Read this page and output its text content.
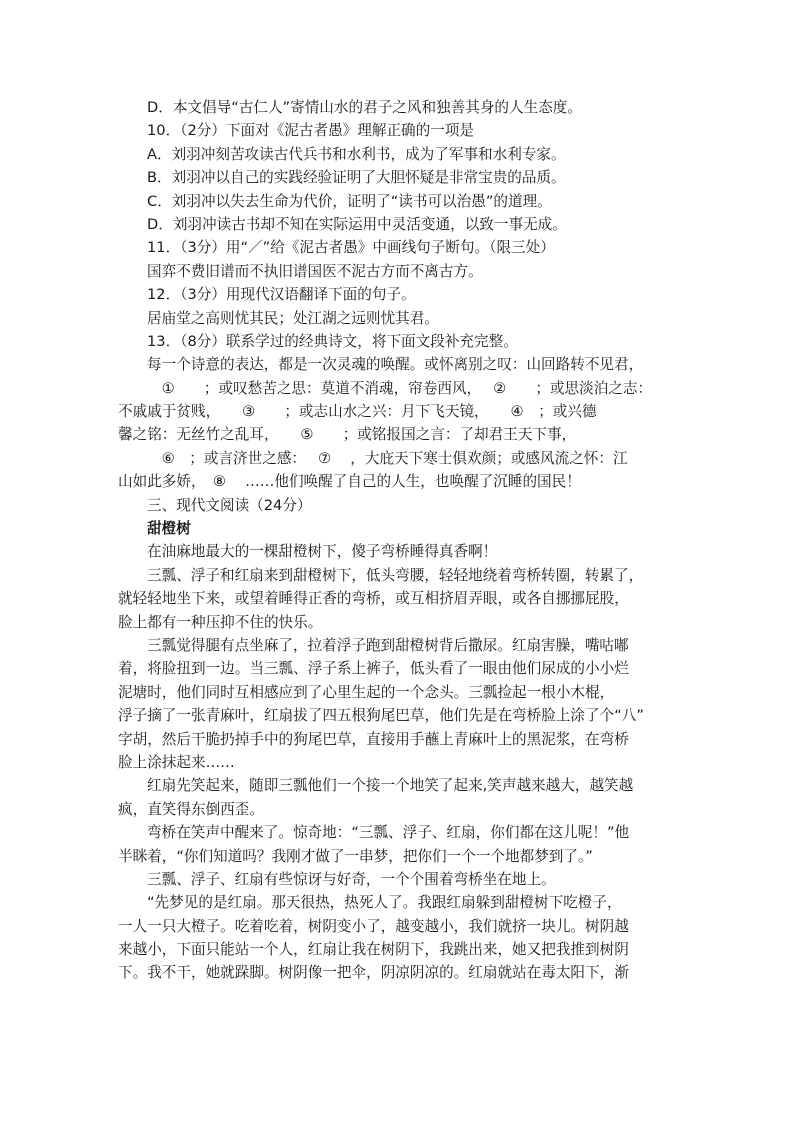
D．本文倡导“古仁人”寄情山水的君子之风和独善其身的人生态度。
10．（2分）下面对《泥古者愚》理解正确的一项是
A．刘羽冲刻苦攻读古代兵书和水利书，成为了军事和水利专家。
B．刘羽冲以自己的实践经验证明了大胆怀疑是非常宝贵的品质。
C．刘羽冲以失去生命为代价，证明了“读书可以治愚”的道理。
D．刘羽冲读古书却不知在实际运用中灵活变通，以致一事无成。
11．（3分）用“／”给《泥古者愚》中画线句子断句。（限三处）
国弈不费旧谱而不执旧谱国医不泥古方而不离古方。
12．（3分）用现代汉语翻译下面的句子。
居庙堂之高则忧其民；处江湖之远则忧其君。
13．（8分）联系学过的经典诗文，将下面文段补充完整。
每一个诗意的表达，都是一次灵魂的唤醒。或怀离别之叹：山回路转不见君，
　①　　；或叹愁苦之思：莫道不消魂，帘卷西风，　 ②　　；或思淡泊之志：
不戚戚于贫贱，　　③　　；或志山水之兴：月下飞天镜，　　④　；或兴德
馨之铭：无丝竹之乱耳，　　⑤　　；或铭报国之言：了却君王天下事，
　⑥　；或言济世之感：　 ⑦　 ，大庇天下寒士俱欢颜；或感风流之怀：江
山如此多娇，　⑧　 ……他们唤醒了自己的人生，也唤醒了沉睡的国民！
三、现代文阅读（24分）
甜橙树
在油麻地最大的一棵甜橙树下，傻子弯桥睡得真香啊！
三瓢、浮子和红扇来到甜橙树下，低头弯腰，轻轻地绕着弯桥转圈，转累了，
就轻轻地坐下来，或望着睡得正香的弯桥，或互相挤眉弄眼，或各自挪挪屁股，
脸上都有一种压抑不住的快乐。
三瓢觉得腿有点坐麻了，拉着浮子跑到甜橙树背后撒尿。红扇害臊，嘴咕嘟
着，将脸扭到一边。当三瓢、浮子系上裤子，低头看了一眼由他们尿成的小小烂
泥塘时，他们同时互相感应到了心里生起的一个念头。三瓢捡起一根小木棍，
浮子摘了一张青麻叶，红扇拔了四五根狗尾巴草，他们先是在弯桥脸上涂了个“八”
字胡，然后干脆扔掉手中的狗尾巴草，直接用手蘸上青麻叶上的黑泥浆，在弯桥
脸上涂抹起来……
红扇先笑起来，随即三瓢他们一个接一个地笑了起来,笑声越来越大，越笑越
疯，直笑得东倒西歪。
弯桥在笑声中醒来了。惊奇地：“三瓢、浮子、红扇，你们都在这儿呢！”他
半眯着，“你们知道吗？我刚才做了一串梦，把你们一个一个地都梦到了。”
三瓢、浮子、红扇有些惊讶与好奇，一个个围着弯桥坐在地上。
“先梦见的是红扇。那天很热，热死人了。我跟红扇躲到甜橙树下吃橙子，
一人一只大橙子。吃着吃着，树阴变小了，越变越小，我们就挤一块儿。树阴越
来越小，下面只能站一个人，红扇让我在树阴下，我跳出来，她又把我推到树阴
下。我不干，她就跺脚。树阴像一把伞，阴凉阴凉的。红扇就站在毒太阳下，渐
